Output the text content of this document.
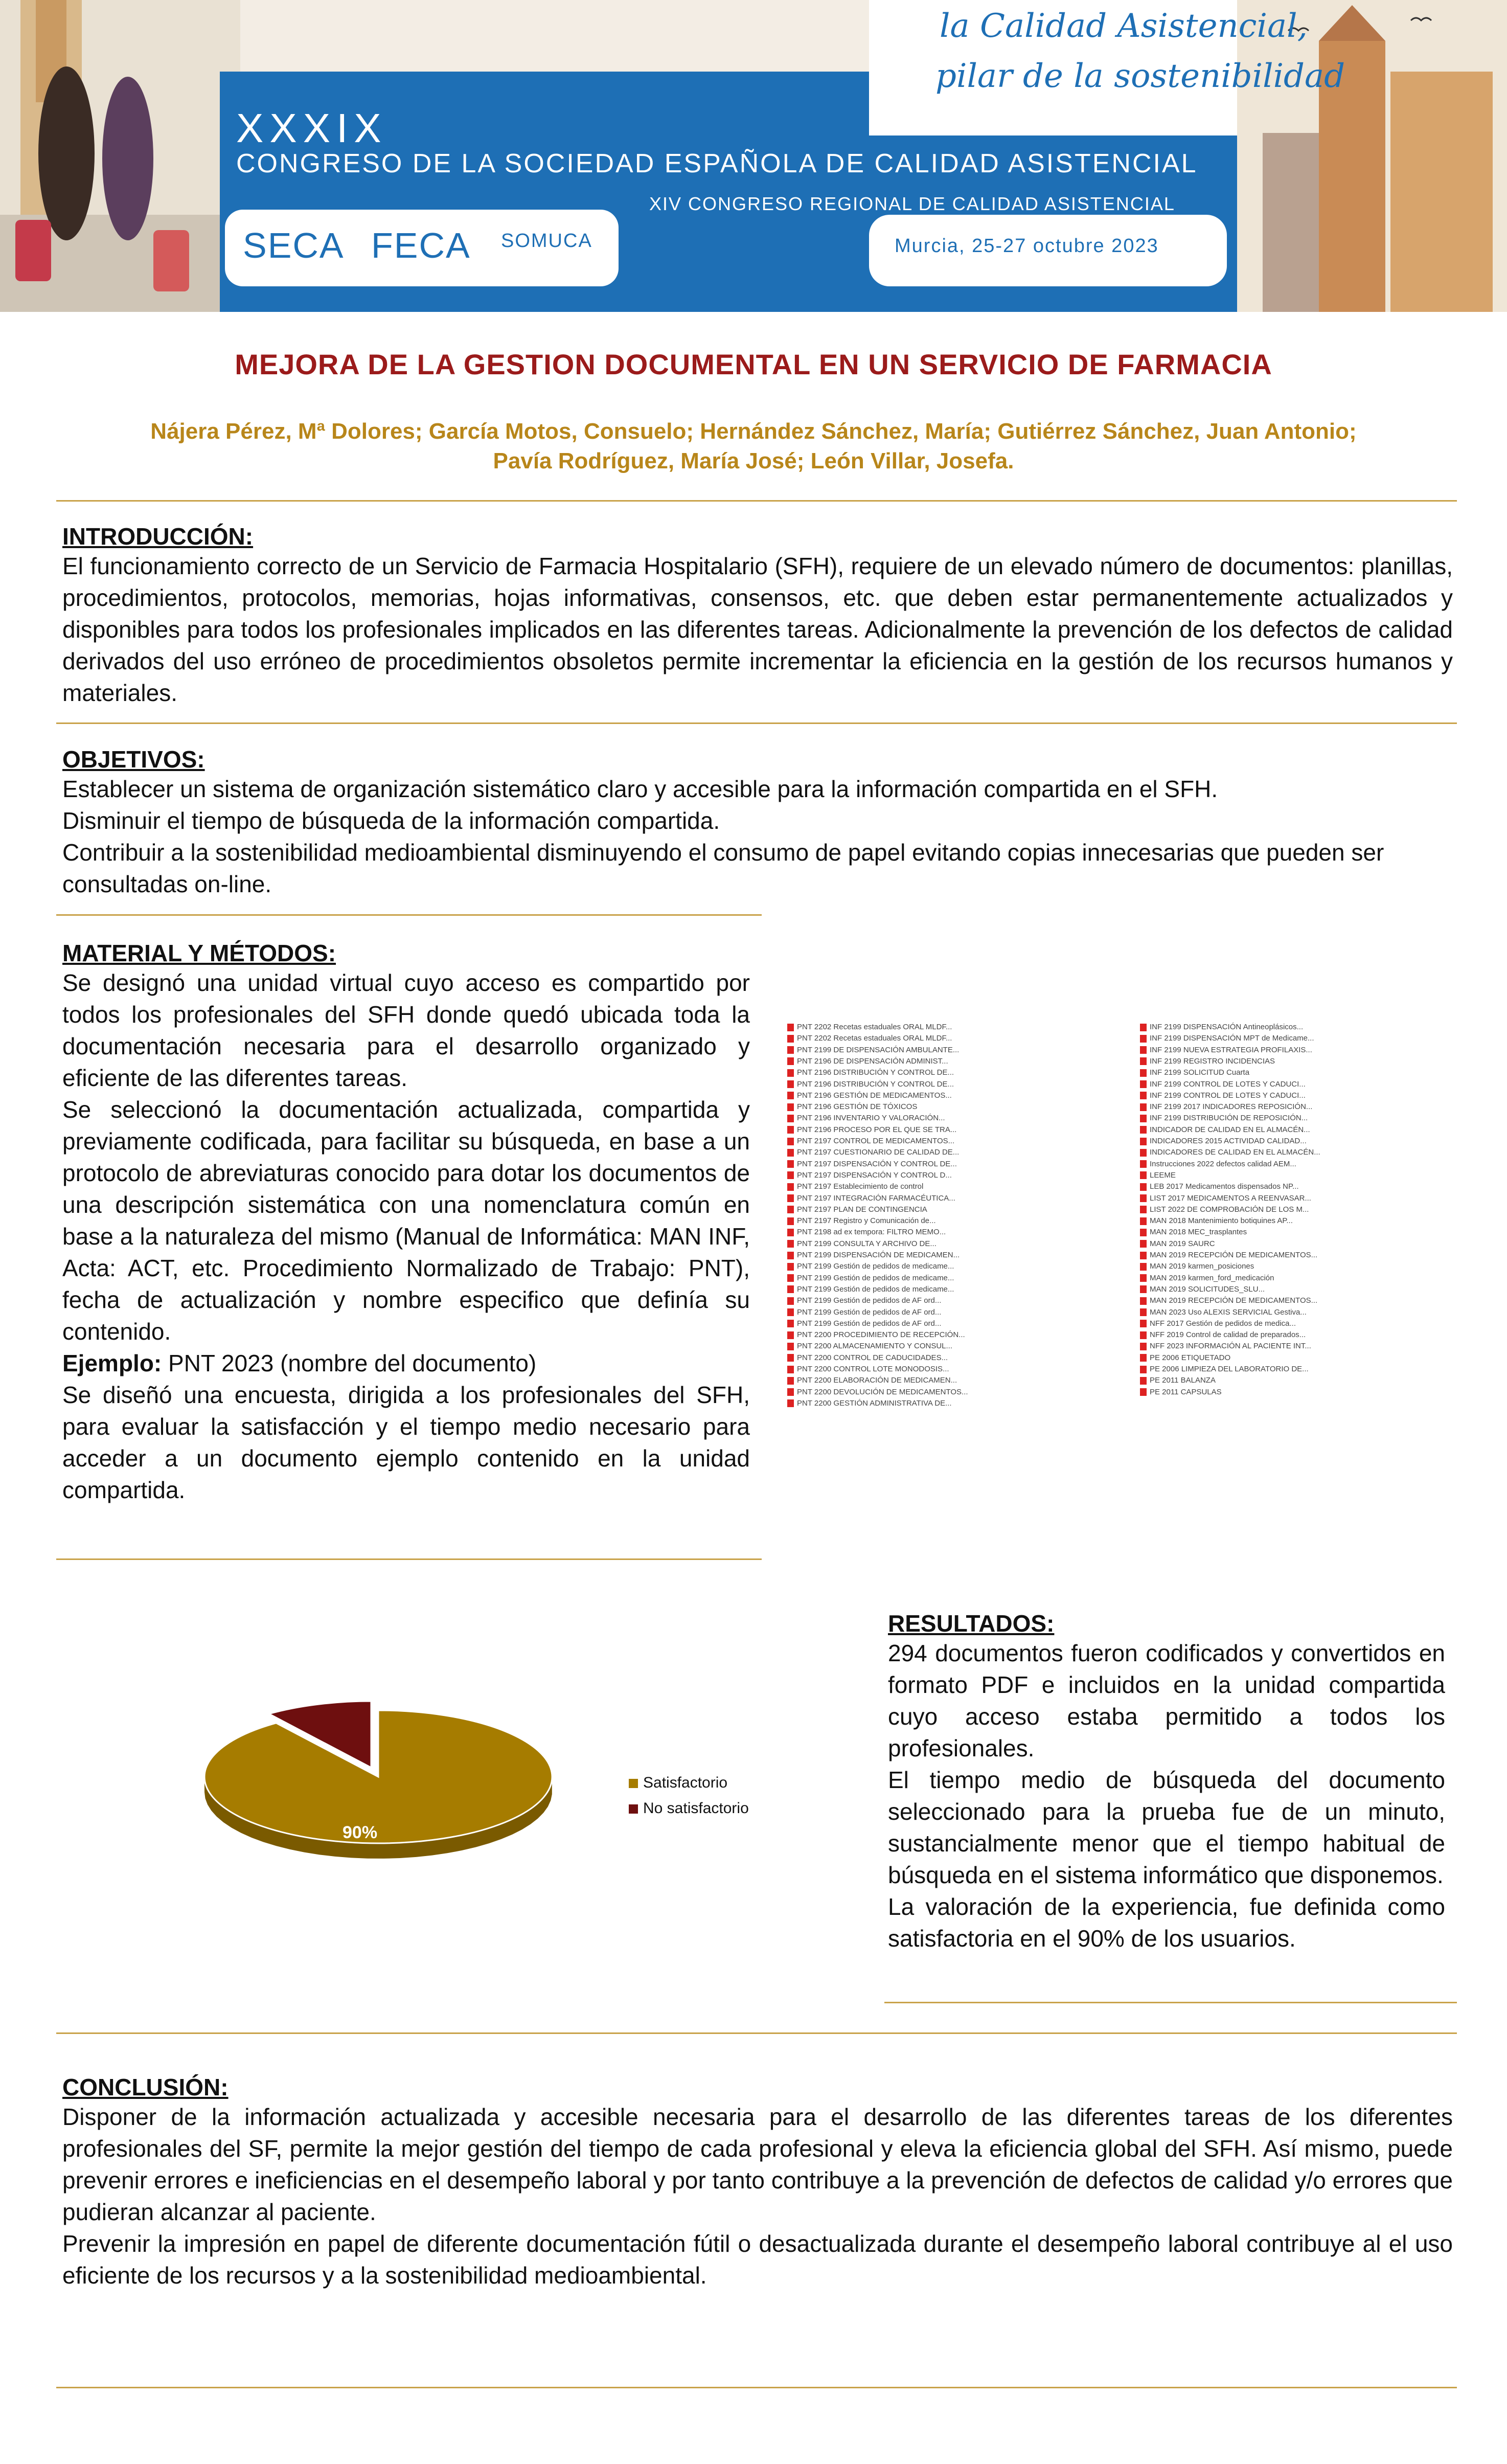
la Calidad Asistencial,
pilar de la sostenibilidad
XXXIX
CONGRESO DE LA SOCIEDAD ESPAÑOLA DE CALIDAD ASISTENCIAL
XIV CONGRESO REGIONAL DE CALIDAD ASISTENCIAL
Murcia, 25-27 octubre 2023
SECA FECA SOMUCA
MEJORA DE LA GESTION DOCUMENTAL EN UN SERVICIO DE FARMACIA
Nájera Pérez, Mª Dolores; García Motos, Consuelo; Hernández Sánchez, María; Gutiérrez Sánchez, Juan Antonio;
Pavía Rodríguez, María José; León Villar, Josefa.
INTRODUCCIÓN:
El funcionamiento correcto de un Servicio de Farmacia Hospitalario (SFH), requiere de un elevado número de documentos: planillas, procedimientos, protocolos, memorias, hojas informativas, consensos, etc. que deben estar permanentemente actualizados y disponibles para todos los profesionales implicados en las diferentes tareas. Adicionalmente la prevención de los defectos de calidad derivados del uso erróneo de procedimientos obsoletos permite incrementar la eficiencia en la gestión de los recursos humanos y materiales.
OBJETIVOS:

Establecer un sistema de organización sistemático claro y accesible para la información compartida en el SFH.

Disminuir el tiempo de búsqueda de la información compartida.

Contribuir a la sostenibilidad medioambiental disminuyendo el consumo de papel evitando copias innecesarias que pueden ser consultadas on-line.

MATERIAL Y MÉTODOS:

Se designó una unidad virtual cuyo acceso es compartido por todos los profesionales del SFH donde quedó ubicada toda la documentación necesaria para el desarrollo organizado y eficiente de las diferentes tareas.

Se seleccionó la documentación actualizada, compartida y previamente codificada, para facilitar su búsqueda, en base a un protocolo de abreviaturas conocido para dotar los documentos de una descripción sistemática con una nomenclatura común en base a la naturaleza del mismo (Manual de Informática: MAN INF, Acta: ACT, etc. Procedimiento Normalizado de Trabajo: PNT), fecha de actualización y nombre especifico que definía su contenido.

Ejemplo: PNT 2023 (nombre del documento)

Se diseñó una encuesta, dirigida a los profesionales del SFH, para evaluar la satisfacción y el tiempo medio necesario para acceder a un documento ejemplo contenido en la unidad compartida.

PNT 2202 Recetas estaduales ORAL MLDF...
PNT 2202 Recetas estaduales ORAL MLDF...
PNT 2199 DE DISPENSACIÓN AMBULANTE...
PNT 2196 DE DISPENSACIÓN ADMINIST...
PNT 2196 DISTRIBUCIÓN Y CONTROL DE...
PNT 2196 DISTRIBUCIÓN Y CONTROL DE...
PNT 2196 GESTIÓN DE MEDICAMENTOS...
PNT 2196 GESTIÓN DE TÓXICOS
PNT 2196 INVENTARIO Y VALORACIÓN...
PNT 2196 PROCESO POR EL QUE SE TRA...
PNT 2197 CONTROL DE MEDICAMENTOS...
PNT 2197 CUESTIONARIO DE CALIDAD DE...
PNT 2197 DISPENSACIÓN Y CONTROL DE...
PNT 2197 DISPENSACIÓN Y CONTROL D...
PNT 2197 Establecimiento de control
PNT 2197 INTEGRACIÓN FARMACÉUTICA...
PNT 2197 PLAN DE CONTINGENCIA
PNT 2197 Registro y Comunicación de...
PNT 2198 ad ex tempora: FILTRO MEMO...
PNT 2199 CONSULTA Y ARCHIVO DE...
PNT 2199 DISPENSACIÓN DE MEDICAMEN...
PNT 2199 Gestión de pedidos de medicame...
PNT 2199 Gestión de pedidos de medicame...
PNT 2199 Gestión de pedidos de medicame...
PNT 2199 Gestión de pedidos de AF ord...
PNT 2199 Gestión de pedidos de AF ord...
PNT 2199 Gestión de pedidos de AF ord...
PNT 2200 PROCEDIMIENTO DE RECEPCIÓN...
PNT 2200 ALMACENAMIENTO Y CONSUL...
PNT 2200 CONTROL DE CADUCIDADES...
PNT 2200 CONTROL LOTE MONODOSIS...
PNT 2200 ELABORACIÓN DE MEDICAMEN...
PNT 2200 DEVOLUCIÓN DE MEDICAMENTOS...
PNT 2200 GESTIÓN ADMINISTRATIVA DE...
INF 2199 DISPENSACIÓN Antineoplásicos...
INF 2199 DISPENSACIÓN MPT de Medicame...
INF 2199 NUEVA ESTRATEGIA PROFILAXIS...
INF 2199 REGISTRO INCIDENCIAS
INF 2199 SOLICITUD Cuarta
INF 2199 CONTROL DE LOTES Y CADUCI...
INF 2199 CONTROL DE LOTES Y CADUCI...
INF 2199 2017 INDICADORES REPOSICIÓN...
INF 2199 DISTRIBUCIÓN DE REPOSICIÓN...
INDICADOR DE CALIDAD EN EL ALMACÉN...
INDICADORES 2015 ACTIVIDAD CALIDAD...
INDICADORES DE CALIDAD EN EL ALMACÉN...
Instrucciones 2022 defectos calidad AEM...
LEEME
LEB 2017 Medicamentos dispensados NP...
LIST 2017 MEDICAMENTOS A REENVASAR...
LIST 2022 DE COMPROBACIÓN DE LOS M...
MAN 2018 Mantenimiento botiquines AP...
MAN 2018 MEC_trasplantes
MAN 2019 SAURC
MAN 2019 RECEPCIÓN DE MEDICAMENTOS...
MAN 2019 karmen_posiciones
MAN 2019 karmen_ford_medicación
MAN 2019 SOLICITUDES_SLU...
MAN 2019 RECEPCIÓN DE MEDICAMENTOS...
MAN 2023 Uso ALEXIS SERVICIAL Gestiva...
NFF 2017 Gestión de pedidos de medica...
NFF 2019 Control de calidad de preparados...
NFF 2023 INFORMACIÓN AL PACIENTE INT...
PE 2006 ETIQUETADO
PE 2006 LIMPIEZA DEL LABORATORIO DE...
PE 2011 BALANZA
PE 2011 CAPSULAS
90%
10%
Satisfactorio
No satisfactorio
RESULTADOS:

294 documentos fueron codificados y convertidos en formato PDF e incluidos en la unidad compartida cuyo acceso estaba permitido a todos los profesionales.

El tiempo medio de búsqueda del documento seleccionado para la prueba fue de un minuto, sustancialmente menor que el tiempo habitual de búsqueda en el sistema informático que disponemos.

La valoración de la experiencia, fue definida como satisfactoria en el 90% de los usuarios.

CONCLUSIÓN:

Disponer de la información actualizada y accesible necesaria para el desarrollo de las diferentes tareas de los diferentes profesionales del SF, permite la mejor gestión del tiempo de cada profesional y eleva la eficiencia global del SFH. Así mismo, puede prevenir errores e ineficiencias en el desempeño laboral y por tanto contribuye a la prevención de defectos de calidad y/o errores que pudieran alcanzar al paciente.

Prevenir la impresión en papel de diferente documentación fútil o desactualizada durante el desempeño laboral contribuye al el uso eficiente de los recursos y a la sostenibilidad medioambiental.
